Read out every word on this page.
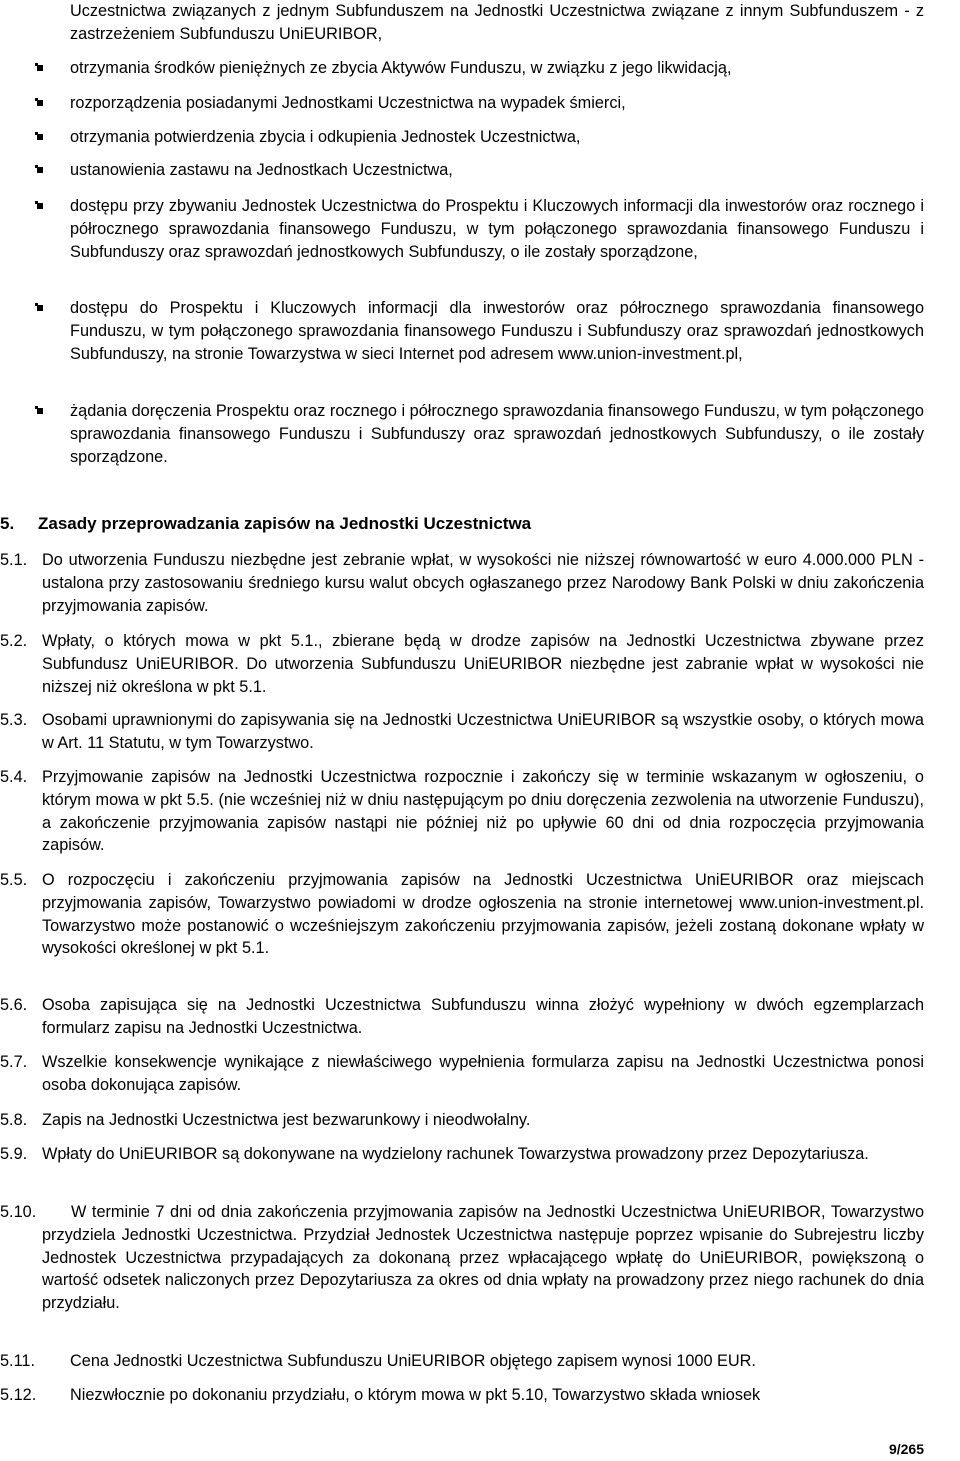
Uczestnictwa związanych z jednym Subfunduszem na Jednostki Uczestnictwa związane z innym Subfunduszem - z zastrzeżeniem Subfunduszu UniEURIBOR,
otrzymania środków pieniężnych ze zbycia Aktywów Funduszu, w związku z jego likwidacją,
rozporządzenia posiadanymi Jednostkami Uczestnictwa na wypadek śmierci,
otrzymania potwierdzenia zbycia i odkupienia Jednostek Uczestnictwa,
ustanowienia zastawu na Jednostkach Uczestnictwa,
dostępu przy zbywaniu Jednostek Uczestnictwa do Prospektu i Kluczowych informacji dla inwestorów oraz rocznego i półrocznego sprawozdania finansowego Funduszu, w tym połączonego sprawozdania finansowego Funduszu i Subfunduszy oraz sprawozdań jednostkowych Subfunduszy, o ile zostały sporządzone,
dostępu do Prospektu i Kluczowych informacji dla inwestorów oraz półrocznego sprawozdania finansowego Funduszu, w tym połączonego sprawozdania finansowego Funduszu i Subfunduszy oraz sprawozdań jednostkowych Subfunduszy, na stronie Towarzystwa w sieci Internet pod adresem www.union-investment.pl,
żądania doręczenia Prospektu oraz rocznego i półrocznego sprawozdania finansowego Funduszu, w tym połączonego sprawozdania finansowego Funduszu i Subfunduszy oraz sprawozdań jednostkowych Subfunduszy, o ile zostały sporządzone.
5. Zasady przeprowadzania zapisów na Jednostki Uczestnictwa
5.1. Do utworzenia Funduszu niezbędne jest zebranie wpłat, w wysokości nie niższej równowartość w euro 4.000.000 PLN - ustalona przy zastosowaniu średniego kursu walut obcych ogłaszanego przez Narodowy Bank Polski w dniu zakończenia przyjmowania zapisów.
5.2. Wpłaty, o których mowa w pkt 5.1., zbierane będą w drodze zapisów na Jednostki Uczestnictwa zbywane przez Subfundusz UniEURIBOR. Do utworzenia Subfunduszu UniEURIBOR niezbędne jest zabranie wpłat w wysokości nie niższej niż określona w pkt 5.1.
5.3. Osobami uprawnionymi do zapisywania się na Jednostki Uczestnictwa UniEURIBOR są wszystkie osoby, o których mowa w Art. 11 Statutu, w tym Towarzystwo.
5.4. Przyjmowanie zapisów na Jednostki Uczestnictwa rozpocznie i zakończy się w terminie wskazanym w ogłoszeniu, o którym mowa w pkt 5.5. (nie wcześniej niż w dniu następującym po dniu doręczenia zezwolenia na utworzenie Funduszu), a zakończenie przyjmowania zapisów nastąpi nie później niż po upływie 60 dni od dnia rozpoczęcia przyjmowania zapisów.
5.5. O rozpoczęciu i zakończeniu przyjmowania zapisów na Jednostki Uczestnictwa UniEURIBOR oraz miejscach przyjmowania zapisów, Towarzystwo powiadomi w drodze ogłoszenia na stronie internetowej www.union-investment.pl. Towarzystwo może postanowić o wcześniejszym zakończeniu przyjmowania zapisów, jeżeli zostaną dokonane wpłaty w wysokości określonej w pkt 5.1.
5.6. Osoba zapisująca się na Jednostki Uczestnictwa Subfunduszu winna złożyć wypełniony w dwóch egzemplarzach formularz zapisu na Jednostki Uczestnictwa.
5.7. Wszelkie konsekwencje wynikające z niewłaściwego wypełnienia formularza zapisu na Jednostki Uczestnictwa ponosi osoba dokonująca zapisów.
5.8. Zapis na Jednostki Uczestnictwa jest bezwarunkowy i nieodwołalny.
5.9. Wpłaty do UniEURIBOR są dokonywane na wydzielony rachunek Towarzystwa prowadzony przez Depozytariusza.
5.10.	W terminie 7 dni od dnia zakończenia przyjmowania zapisów na Jednostki Uczestnictwa UniEURIBOR, Towarzystwo przydziela Jednostki Uczestnictwa. Przydział Jednostek Uczestnictwa następuje poprzez wpisanie do Subrejestru liczby Jednostek Uczestnictwa przypadających za dokonaną przez wpłacającego wpłatę do UniEURIBOR, powiększoną o wartość odsetek naliczonych przez Depozytariusza za okres od dnia wpłaty na prowadzony przez niego rachunek do dnia przydziału.
5.11. Cena Jednostki Uczestnictwa Subfunduszu UniEURIBOR objętego zapisem wynosi 1000 EUR.
5.12. Niezwłocznie po dokonaniu przydziału, o którym mowa w pkt 5.10, Towarzystwo składa wniosek
9/265
